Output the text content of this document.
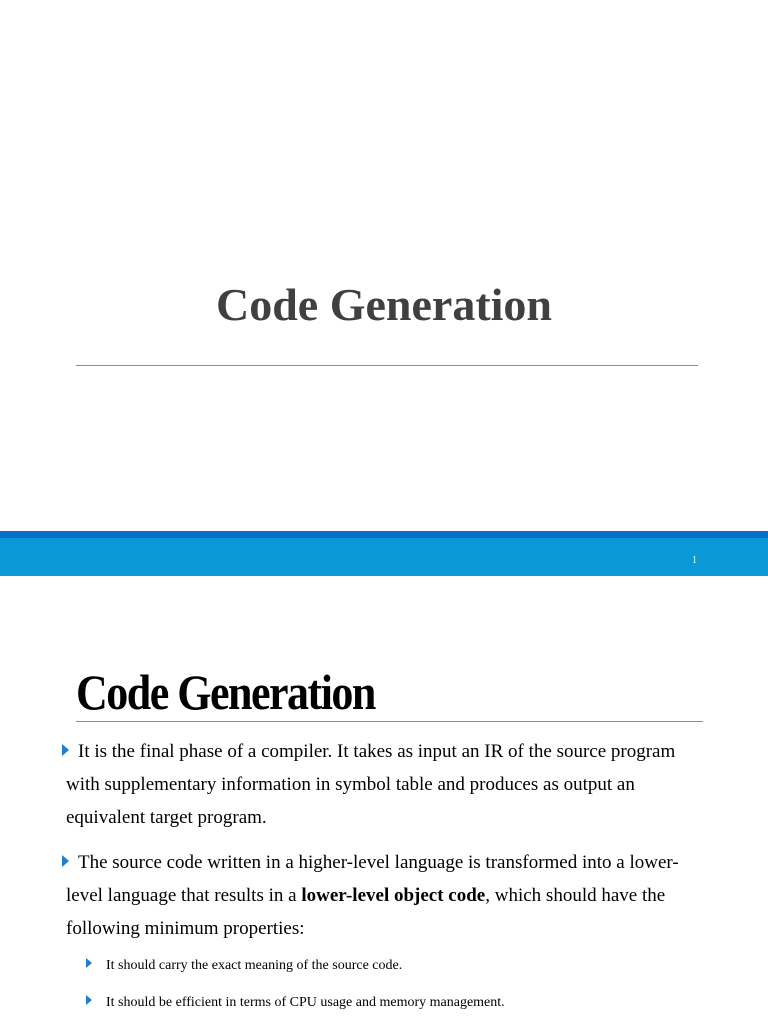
Code Generation
1
Code Generation
It is the final phase of a compiler. It takes as input an IR of the source program with supplementary information in symbol table and produces as output an equivalent target program.
The source code written in a higher-level language is transformed into a lower-level language that results in a lower-level object code, which should have the following minimum properties:
It should carry the exact meaning of the source code.
It should be efficient in terms of CPU usage and memory management.
